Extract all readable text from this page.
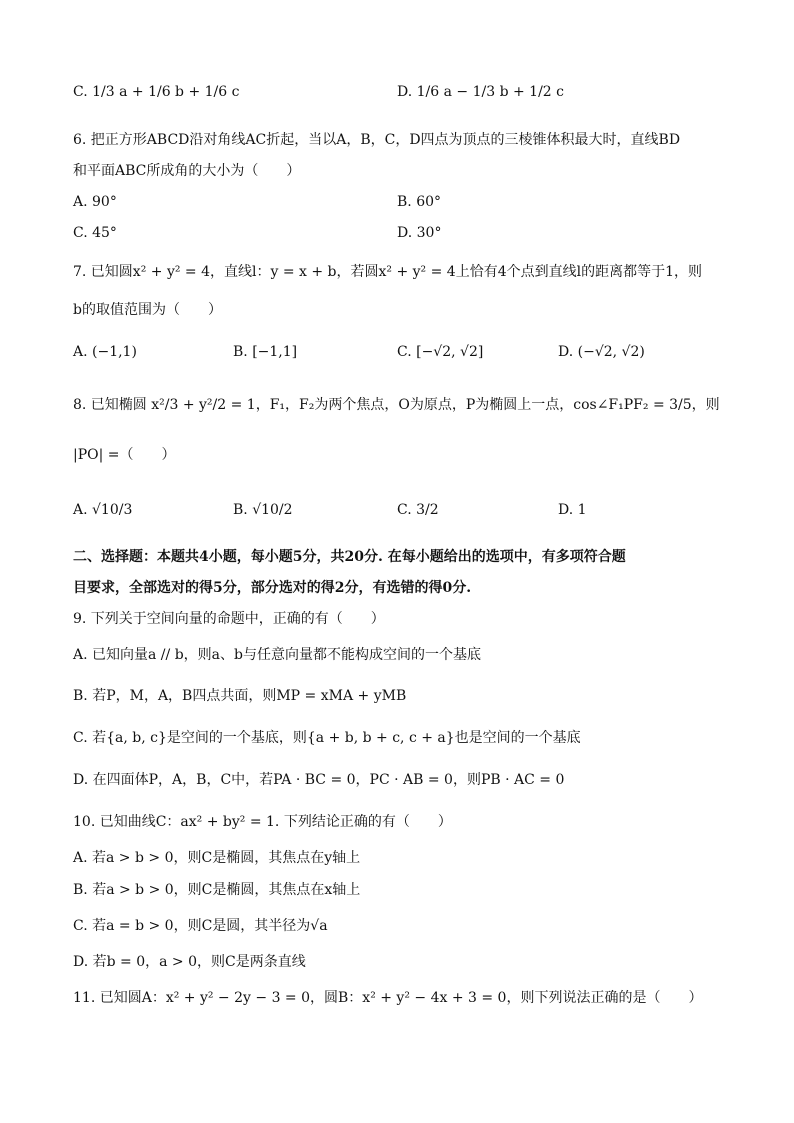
C. 1/3 a + 1/6 b + 1/6 c	D. 1/6 a − 1/3 b + 1/2 c
6. 把正方形ABCD沿对角线AC折起，当以A，B，C，D四点为顶点的三棱锥体积最大时，直线BD
和平面ABC所成角的大小为（　　）
A. 90°	B. 60°
C. 45°	D. 30°
7. 已知圆x² + y² = 4，直线l：y = x + b，若圆x² + y² = 4上恰有4个点到直线l的距离都等于1，则
b的取值范围为（　　）
A. (−1,1)	B. [−1,1]	C. [−√2, √2]	D. (−√2, √2)
8. 已知椭圆 x²/3 + y²/2 = 1，F₁，F₂为两个焦点，O为原点，P为椭圆上一点，cos∠F₁PF₂ = 3/5，则
|PO| =（　　）
A. √10/3	B. √10/2	C. 3/2	D. 1
二、选择题：本题共4小题，每小题5分，共20分. 在每小题给出的选项中，有多项符合题
目要求，全部选对的得5分，部分选对的得2分，有选错的得0分.
9. 下列关于空间向量的命题中，正确的有（　　）
A. 已知向量a // b，则a、b与任意向量都不能构成空间的一个基底
B. 若P，M，A，B四点共面，则MP = xMA + yMB
C. 若{a, b, c}是空间的一个基底，则{a + b, b + c, c + a}也是空间的一个基底
D. 在四面体P，A，B，C中，若PA · BC = 0，PC · AB = 0，则PB · AC = 0
10. 已知曲线C：ax² + by² = 1. 下列结论正确的有（　　）
A. 若a > b > 0，则C是椭圆，其焦点在y轴上
B. 若a > b > 0，则C是椭圆，其焦点在x轴上
C. 若a = b > 0，则C是圆，其半径为√a
D. 若b = 0，a > 0，则C是两条直线
11. 已知圆A：x² + y² − 2y − 3 = 0，圆B：x² + y² − 4x + 3 = 0，则下列说法正确的是（　　）
